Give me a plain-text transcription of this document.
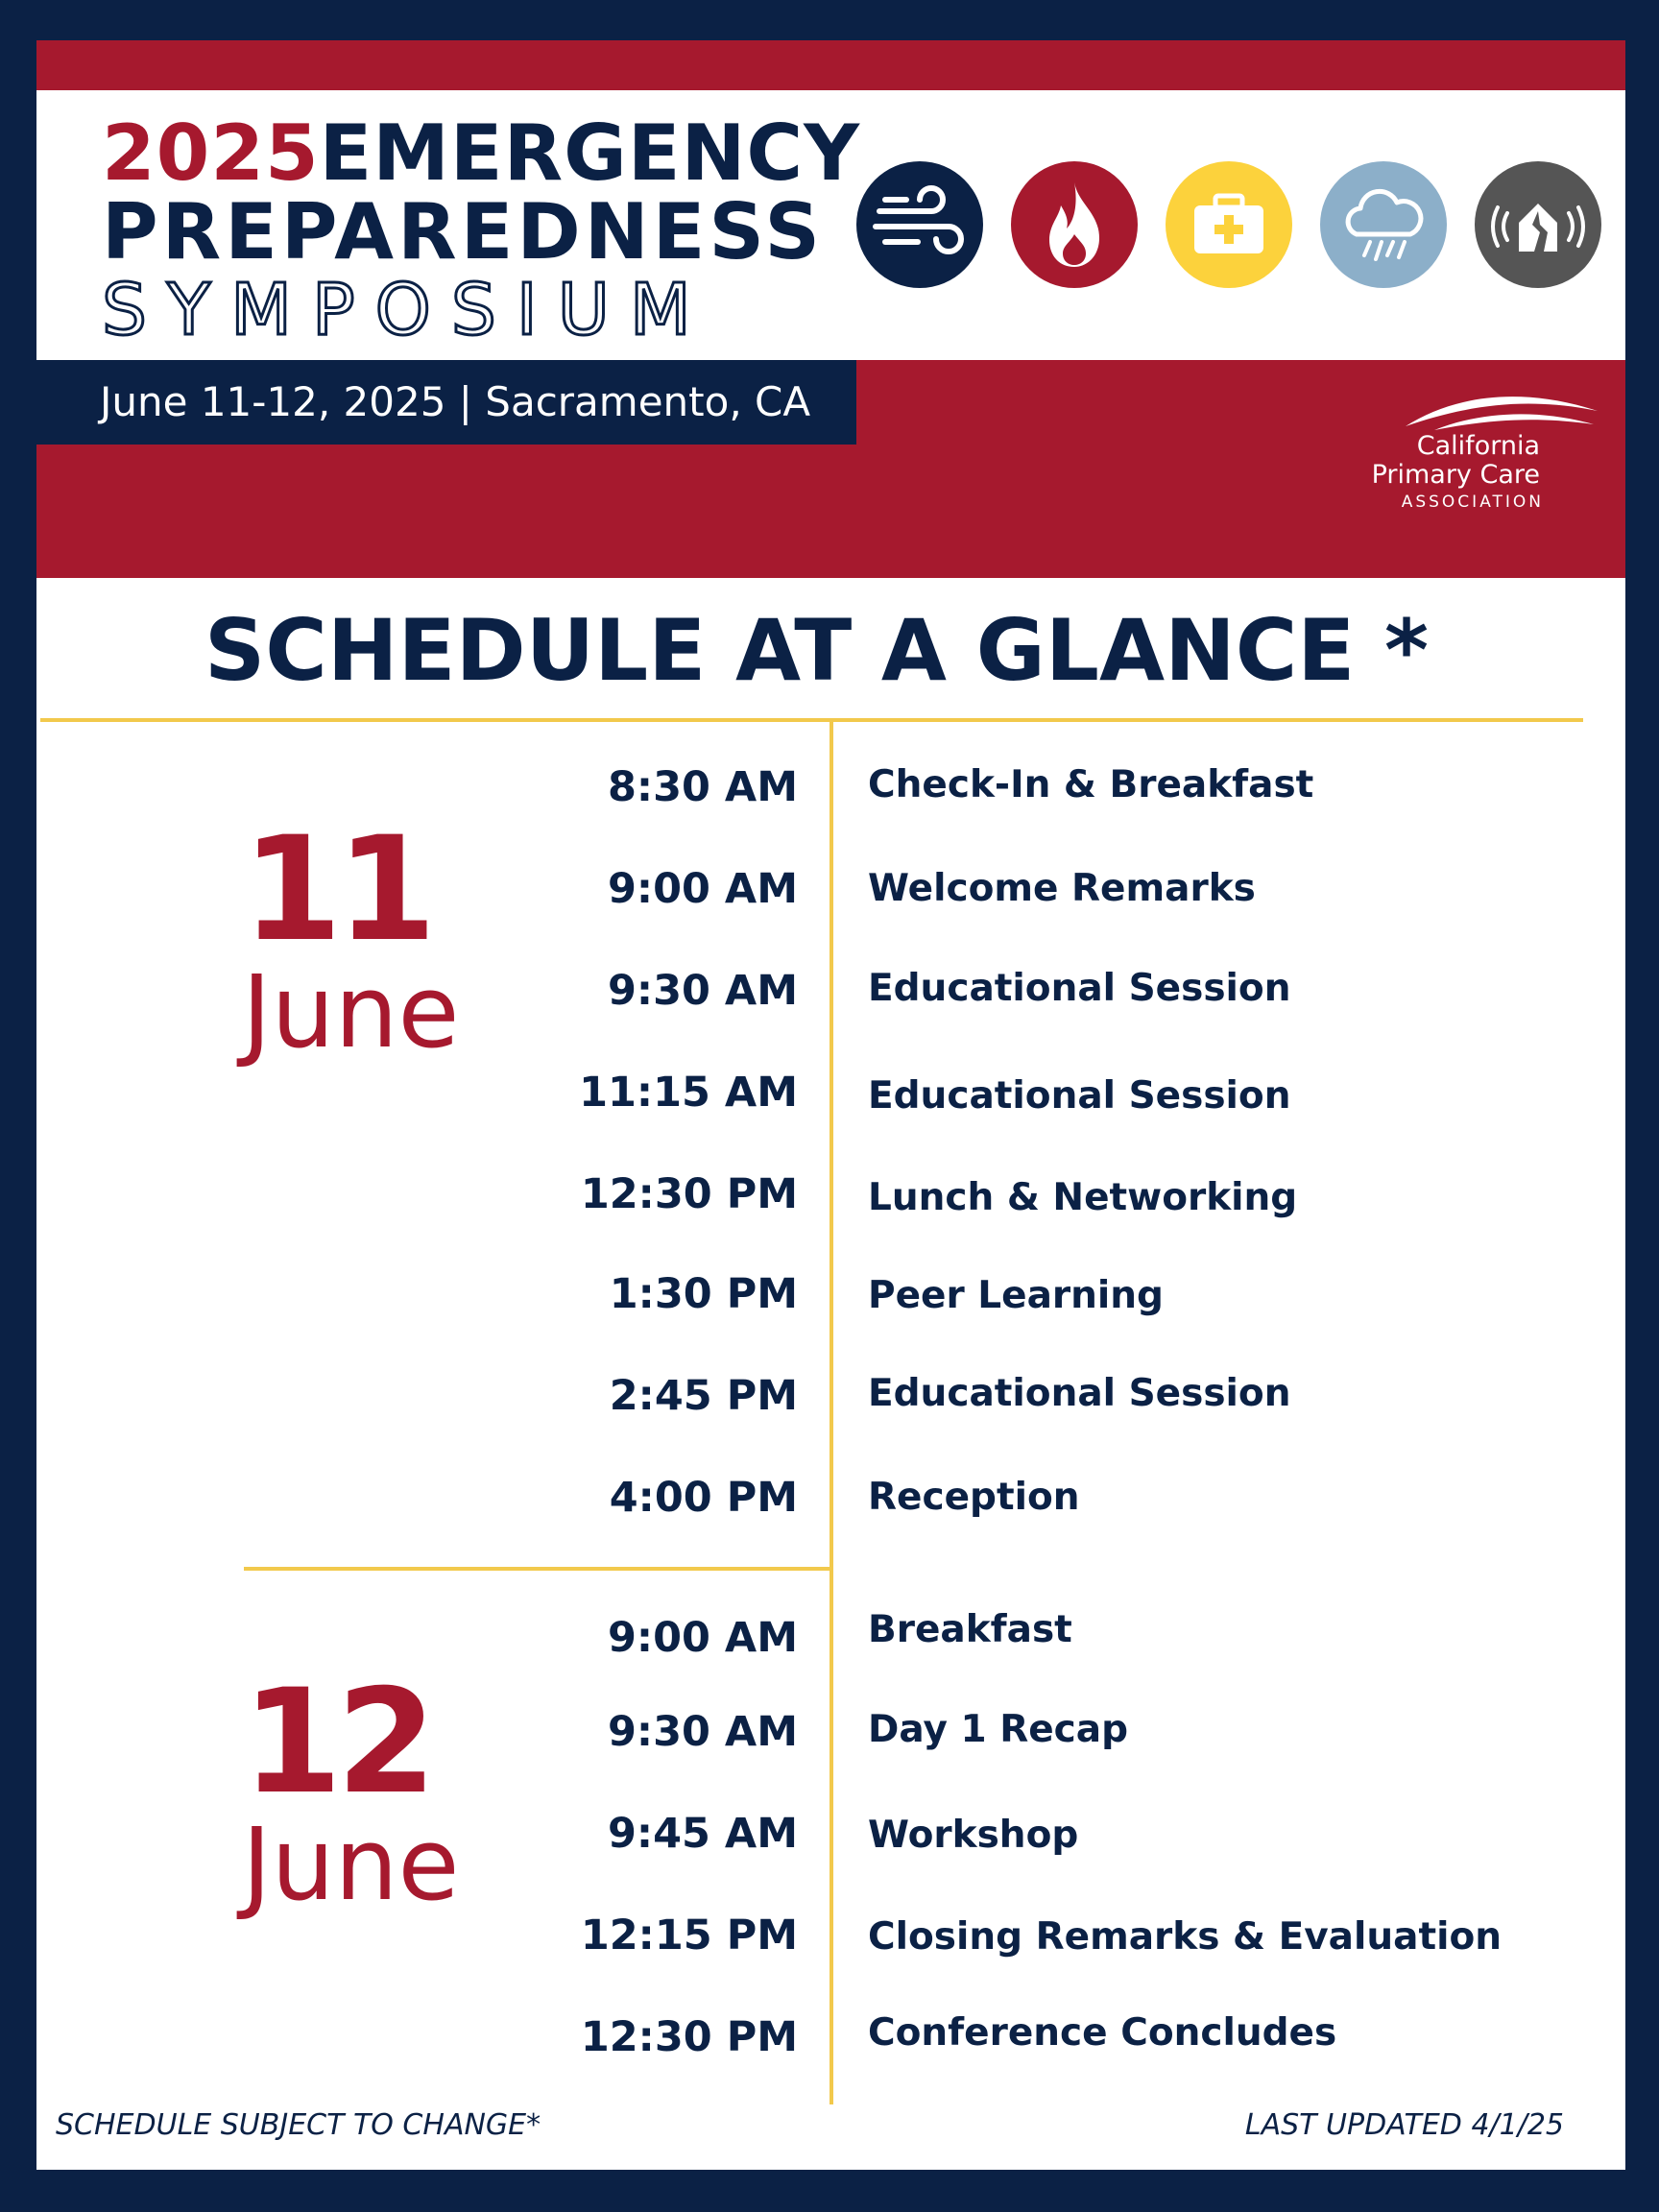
2025EMERGENCY
PREPAREDNESS
SYMPOSIUM
June 11-12, 2025 | Sacramento, CA
California
Primary Care
ASSOCIATION
SCHEDULE AT A GLANCE *
11
June
8:30 AM Check-In & Breakfast
9:00 AM Welcome Remarks
9:30 AM Educational Session
11:15 AM Educational Session
12:30 PM Lunch & Networking
1:30 PM Peer Learning
2:45 PM Educational Session
4:00 PM Reception
12
June
9:00 AM Breakfast
9:30 AM Day 1 Recap
9:45 AM Workshop
12:15 PM Closing Remarks & Evaluation
12:30 PM Conference Concludes
SCHEDULE SUBJECT TO CHANGE*	LAST UPDATED 4/1/25
